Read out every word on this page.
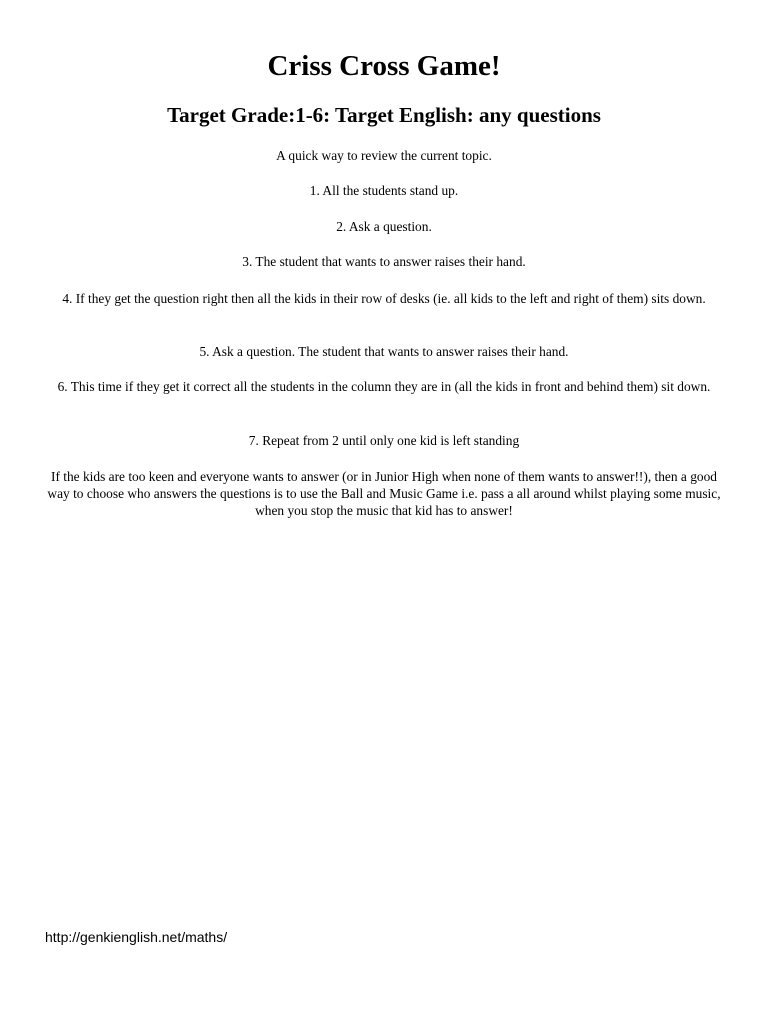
Criss Cross Game!
Target Grade:1-6: Target English: any questions

A quick way to review the current topic.

1. All the students stand up.

2. Ask a question.

3. The student that wants to answer raises their hand.

4. If they get the question right then all the kids in their row of desks (ie. all kids to the left and right of them) sits down.

5. Ask a question. The student that wants to answer raises their hand.

6. This time if they get it correct all the students in the column they are in (all the kids in front and behind them) sit down.

7. Repeat from 2 until only one kid is left standing

If the kids are too keen and everyone wants to answer (or in Junior High when none of them wants to answer!!), then a good way to choose who answers the questions is to use the Ball and Music Game i.e. pass a all around whilst playing some music, when you stop the music that kid has to answer!

http://genkienglish.net/maths/
